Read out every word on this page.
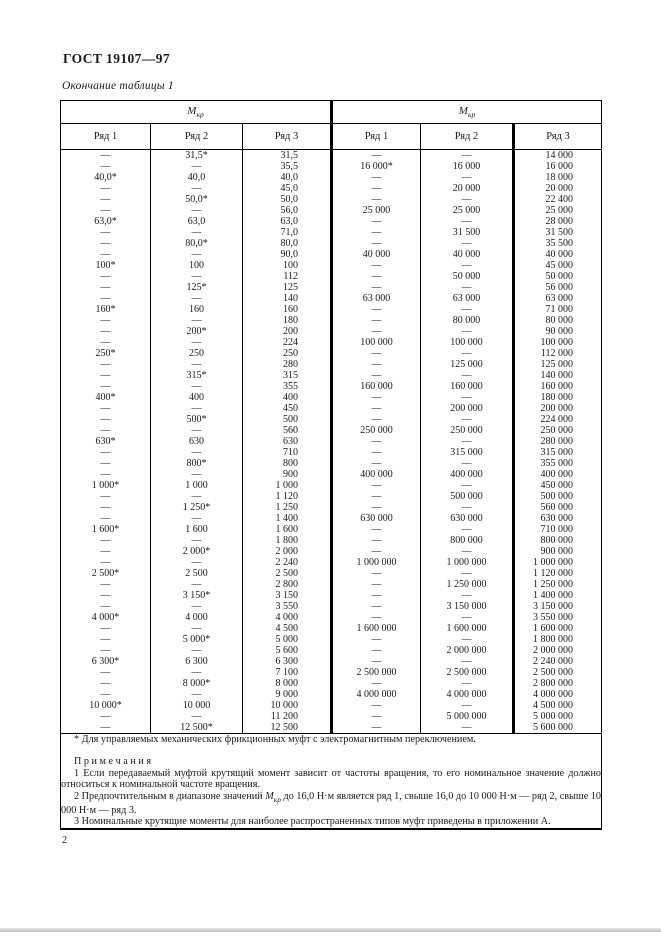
ГОСТ 19107—97
Окончание таблицы 1
$М_{кр}$			$М_{кр}$
Ряд 1	Ряд 2	Ряд 3	Ряд 1	Ряд 2	Ряд 3
—	31,5*	31,5	—	—	14 000
—	—	35,5	16 000*	16 000	16 000
40,0*	40,0	40,0	—	—	18 000
—	—	45,0	—	20 000	20 000
—	50,0*	50,0	—	—	22 400
—	—	56,0	25 000	25 000	25 000
63,0*	63,0	63,0	—	—	28 000
—	—	71,0	—	31 500	31 500
—	80,0*	80,0	—	—	35 500
—	—	90,0	40 000	40 000	40 000
100*	100	100	—	—	45 000
—	—	112	—	50 000	50 000
—	125*	125	—	—	56 000
—	—	140	63 000	63 000	63 000
160*	160	160	—	—	71 000
—	—	180	—	80 000	80 000
—	200*	200	—	—	90 000
—	—	224	100 000	100 000	100 000
250*	250	250	—	—	112 000
—	—	280	—	125 000	125 000
—	315*	315	—	—	140 000
—	—	355	160 000	160 000	160 000
400*	400	400	—	—	180 000
—	—	450	—	200 000	200 000
—	500*	500	—	—	224 000
—	—	560	250 000	250 000	250 000
630*	630	630	—	—	280 000
—	—	710	—	315 000	315 000
—	800*	800	—	—	355 000
—	—	900	400 000	400 000	400 000
1 000*	1 000	1 000	—	—	450 000
—	—	1 120	—	500 000	500 000
—	1 250*	1 250	—	—	560 000
—	—	1 400	630 000	630 000	630 000
1 600*	1 600	1 600	—	—	710 000
—	—	1 800	—	800 000	800 000
—	2 000*	2 000	—	—	900 000
—	—	2 240	1 000 000	1 000 000	1 000 000
2 500*	2 500	2 500	—	—	1 120 000
—	—	2 800	—	1 250 000	1 250 000
—	3 150*	3 150	—	—	1 400 000
—	—	3 550	—	3 150 000	3 150 000
4 000*	4 000	4 000	—	—	3 550 000
—	—	4 500	1 600 000	1 600 000	1 600 000
—	5 000*	5 000	—	—	1 800 000
—	—	5 600	—	2 000 000	2 000 000
6 300*	6 300	6 300	—	—	2 240 000
—	—	7 100	2 500 000	2 500 000	2 500 000
—	8 000*	8 000	—	—	2 800 000
—	—	9 000	4 000 000	4 000 000	4 000 000
10 000*	10 000	10 000	—	—	4 500 000
—	—	11 200	—	5 000 000	5 000 000
—	12 500*	12 500	—	—	5 600 000

* Для управляемых механических фрикционных муфт с электромагнитным переключением.

П р и м е ч а н и я

1 Если передаваемый муфтой крутящий момент зависит от частоты вращения, то его номинальное значение должно относиться к номинальной частоте вращения.

2 Предпочтительным в диапазоне значений $М_{кр}$ до 16,0 Н·м является ряд 1, свыше 16,0 до 10 000 Н·м — ряд 2, свыше 10 000 Н·м — ряд 3.

3 Номинальные крутящие моменты для наиболее распространенных типов муфт приведены в приложении А.					

2
